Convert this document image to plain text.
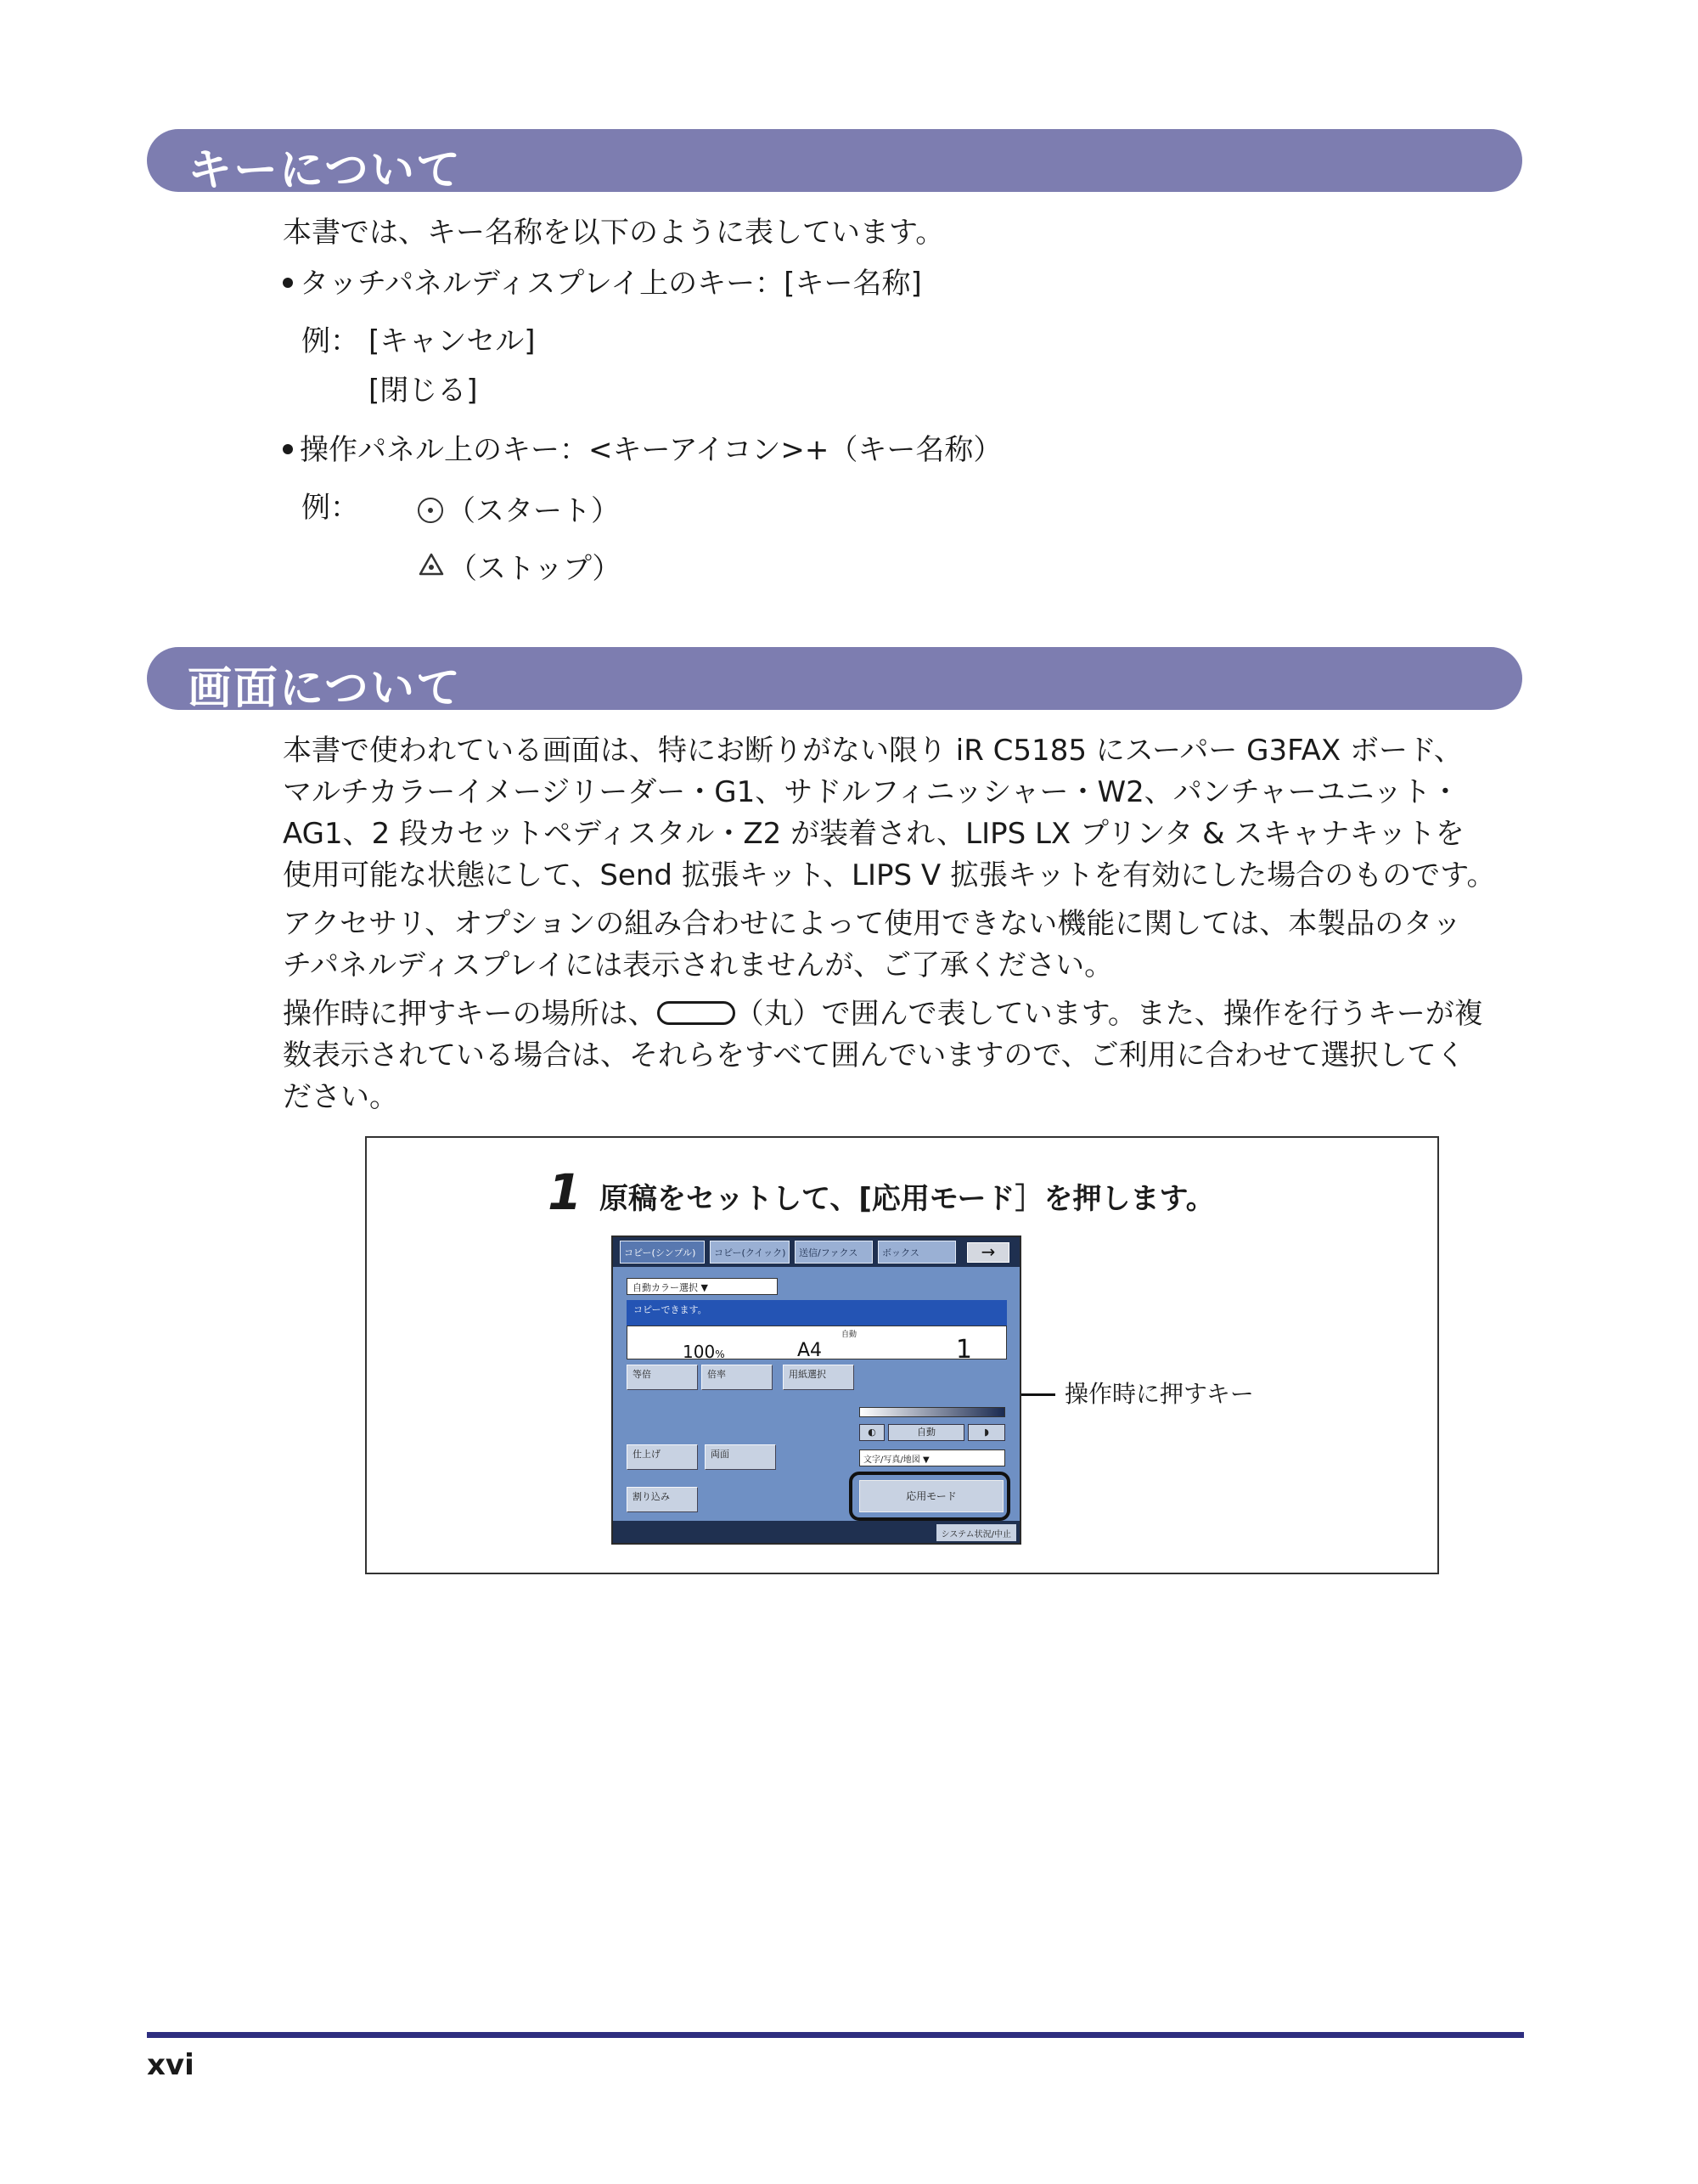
キーについて
本書では、キー名称を以下のように表しています。
タッチパネルディスプレイ上のキー：[キー名称]
例： [キャンセル]
[閉じる]
操作パネル上のキー：<キーアイコン>+（キー名称）
例：	（スタート）
（ストップ）
画面について
本書で使われている画面は、特にお断りがない限り iR C5185 にスーパー G3FAX ボード、
マルチカラーイメージリーダー・G1、サドルフィニッシャー・W2、パンチャーユニット・
AG1、2 段カセットペディスタル・Z2 が装着され、LIPS LX プリンタ & スキャナキットを
使用可能な状態にして、Send 拡張キット、LIPS V 拡張キットを有効にした場合のものです。
アクセサリ、オプションの組み合わせによって使用できない機能に関しては、本製品のタッ
チパネルディスプレイには表示されませんが、ご了承ください。
操作時に押すキーの場所は、	（丸）で囲んで表しています。また、操作を行うキーが複
数表示されている場合は、それらをすべて囲んでいますので、ご利用に合わせて選択してく
ださい。
1 原稿をセットして、[応用モード］を押します。
コピー(シンプル)	コピー(クイック)	送信/ファクス	ボックス	→
自動カラー選択 ▼
コピーできます。
100%	A4
自動	1
等倍	倍率	用紙選択
◐	自動	◗
文字/写真/地図 ▼
仕上げ	両面
割り込み	応用モード
システム状況/中止
操作時に押すキー
xvi
